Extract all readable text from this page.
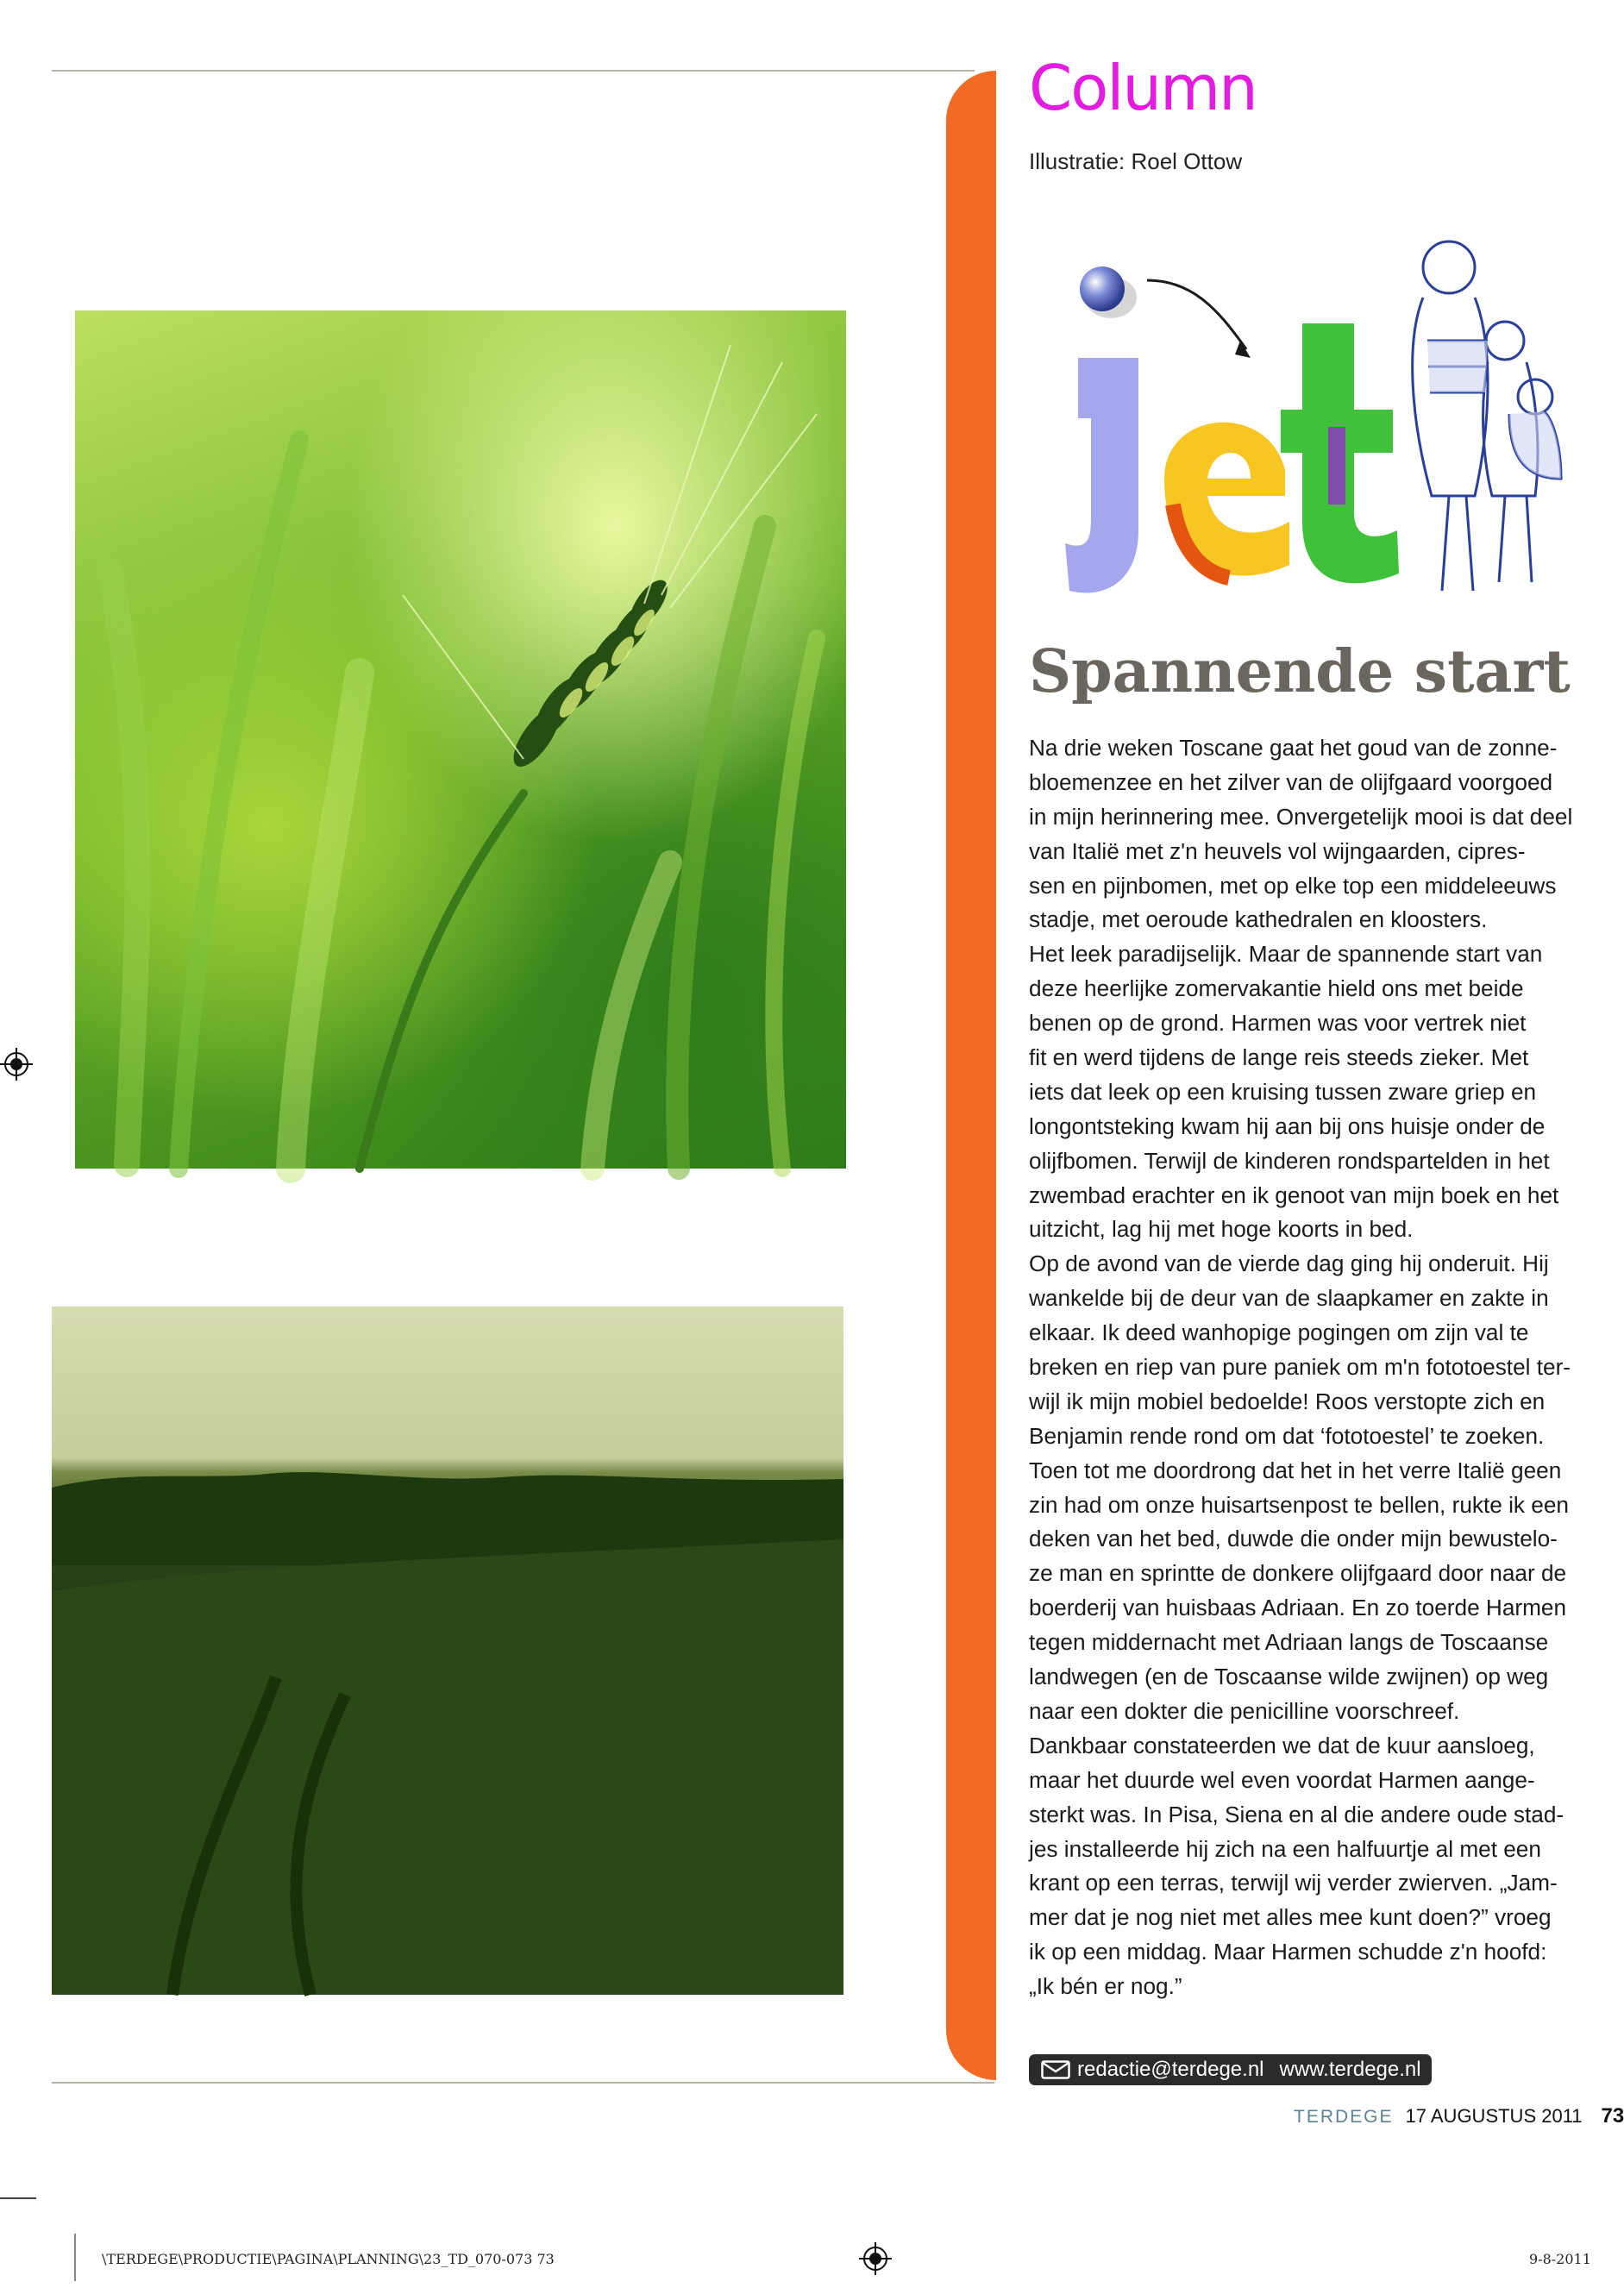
Column
Illustratie: Roel Ottow
Spannende start
Na drie weken Toscane gaat het goud van de zonne-
bloemenzee en het zilver van de olijfgaard voorgoed
in mijn herinnering mee. Onvergetelijk mooi is dat deel
van Italië met z'n heuvels vol wijngaarden, cipres-
sen en pijnbomen, met op elke top een middeleeuws
stadje, met oeroude kathedralen en kloosters.
Het leek paradijselijk. Maar de spannende start van
deze heerlijke zomervakantie hield ons met beide
benen op de grond. Harmen was voor vertrek niet
fit en werd tijdens de lange reis steeds zieker. Met
iets dat leek op een kruising tussen zware griep en
longontsteking kwam hij aan bij ons huisje onder de
olijfbomen. Terwijl de kinderen rondspartelden in het
zwembad erachter en ik genoot van mijn boek en het
uitzicht, lag hij met hoge koorts in bed.
Op de avond van de vierde dag ging hij onderuit. Hij
wankelde bij de deur van de slaapkamer en zakte in
elkaar. Ik deed wanhopige pogingen om zijn val te
breken en riep van pure paniek om m'n fototoestel ter-
wijl ik mijn mobiel bedoelde! Roos verstopte zich en
Benjamin rende rond om dat ‘fototoestel’ te zoeken.
Toen tot me doordrong dat het in het verre Italië geen
zin had om onze huisartsenpost te bellen, rukte ik een
deken van het bed, duwde die onder mijn bewustelo-
ze man en sprintte de donkere olijfgaard door naar de
boerderij van huisbaas Adriaan. En zo toerde Harmen
tegen middernacht met Adriaan langs de Toscaanse
landwegen (en de Toscaanse wilde zwijnen) op weg
naar een dokter die penicilline voorschreef.
Dankbaar constateerden we dat de kuur aansloeg,
maar het duurde wel even voordat Harmen aange-
sterkt was. In Pisa, Siena en al die andere oude stad-
jes installeerde hij zich na een halfuurtje al met een
krant op een terras, terwijl wij verder zwierven. „Jam-
mer dat je nog niet met alles mee kunt doen?” vroeg
ik op een middag. Maar Harmen schudde z'n hoofd:
„Ik bén er nog.”
redactie@terdege.nl www.terdege.nl
TERDEGE 17 AUGUSTUS 2011 73
\TERDEGE\PRODUCTIE\PAGINA\PLANNING\23_TD_070-073 73	9-8-2011
